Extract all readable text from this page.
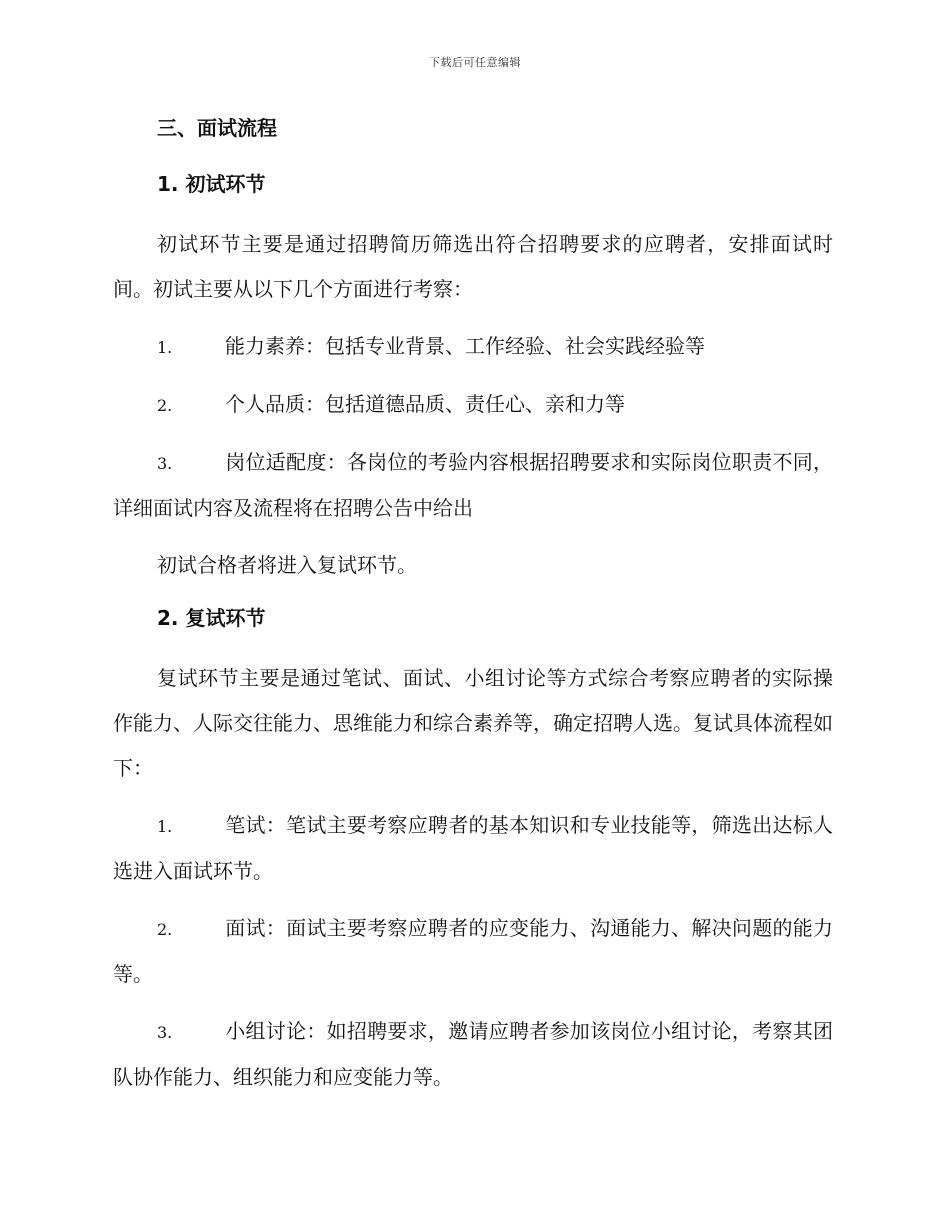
下载后可任意编辑
三、面试流程
1. 初试环节

初试环节主要是通过招聘简历筛选出符合招聘要求的应聘者，安排面试时间。初试主要从以下几个方面进行考察：

1.	能力素养：包括专业背景、工作经验、社会实践经验等

2.	个人品质：包括道德品质、责任心、亲和力等

3.	岗位适配度：各岗位的考验内容根据招聘要求和实际岗位职责不同，详细面试内容及流程将在招聘公告中给出

初试合格者将进入复试环节。

2. 复试环节

复试环节主要是通过笔试、面试、小组讨论等方式综合考察应聘者的实际操作能力、人际交往能力、思维能力和综合素养等，确定招聘人选。复试具体流程如下：

1.	笔试：笔试主要考察应聘者的基本知识和专业技能等，筛选出达标人选进入面试环节。

2.	面试：面试主要考察应聘者的应变能力、沟通能力、解决问题的能力等。

3.	小组讨论：如招聘要求，邀请应聘者参加该岗位小组讨论，考察其团队协作能力、组织能力和应变能力等。
